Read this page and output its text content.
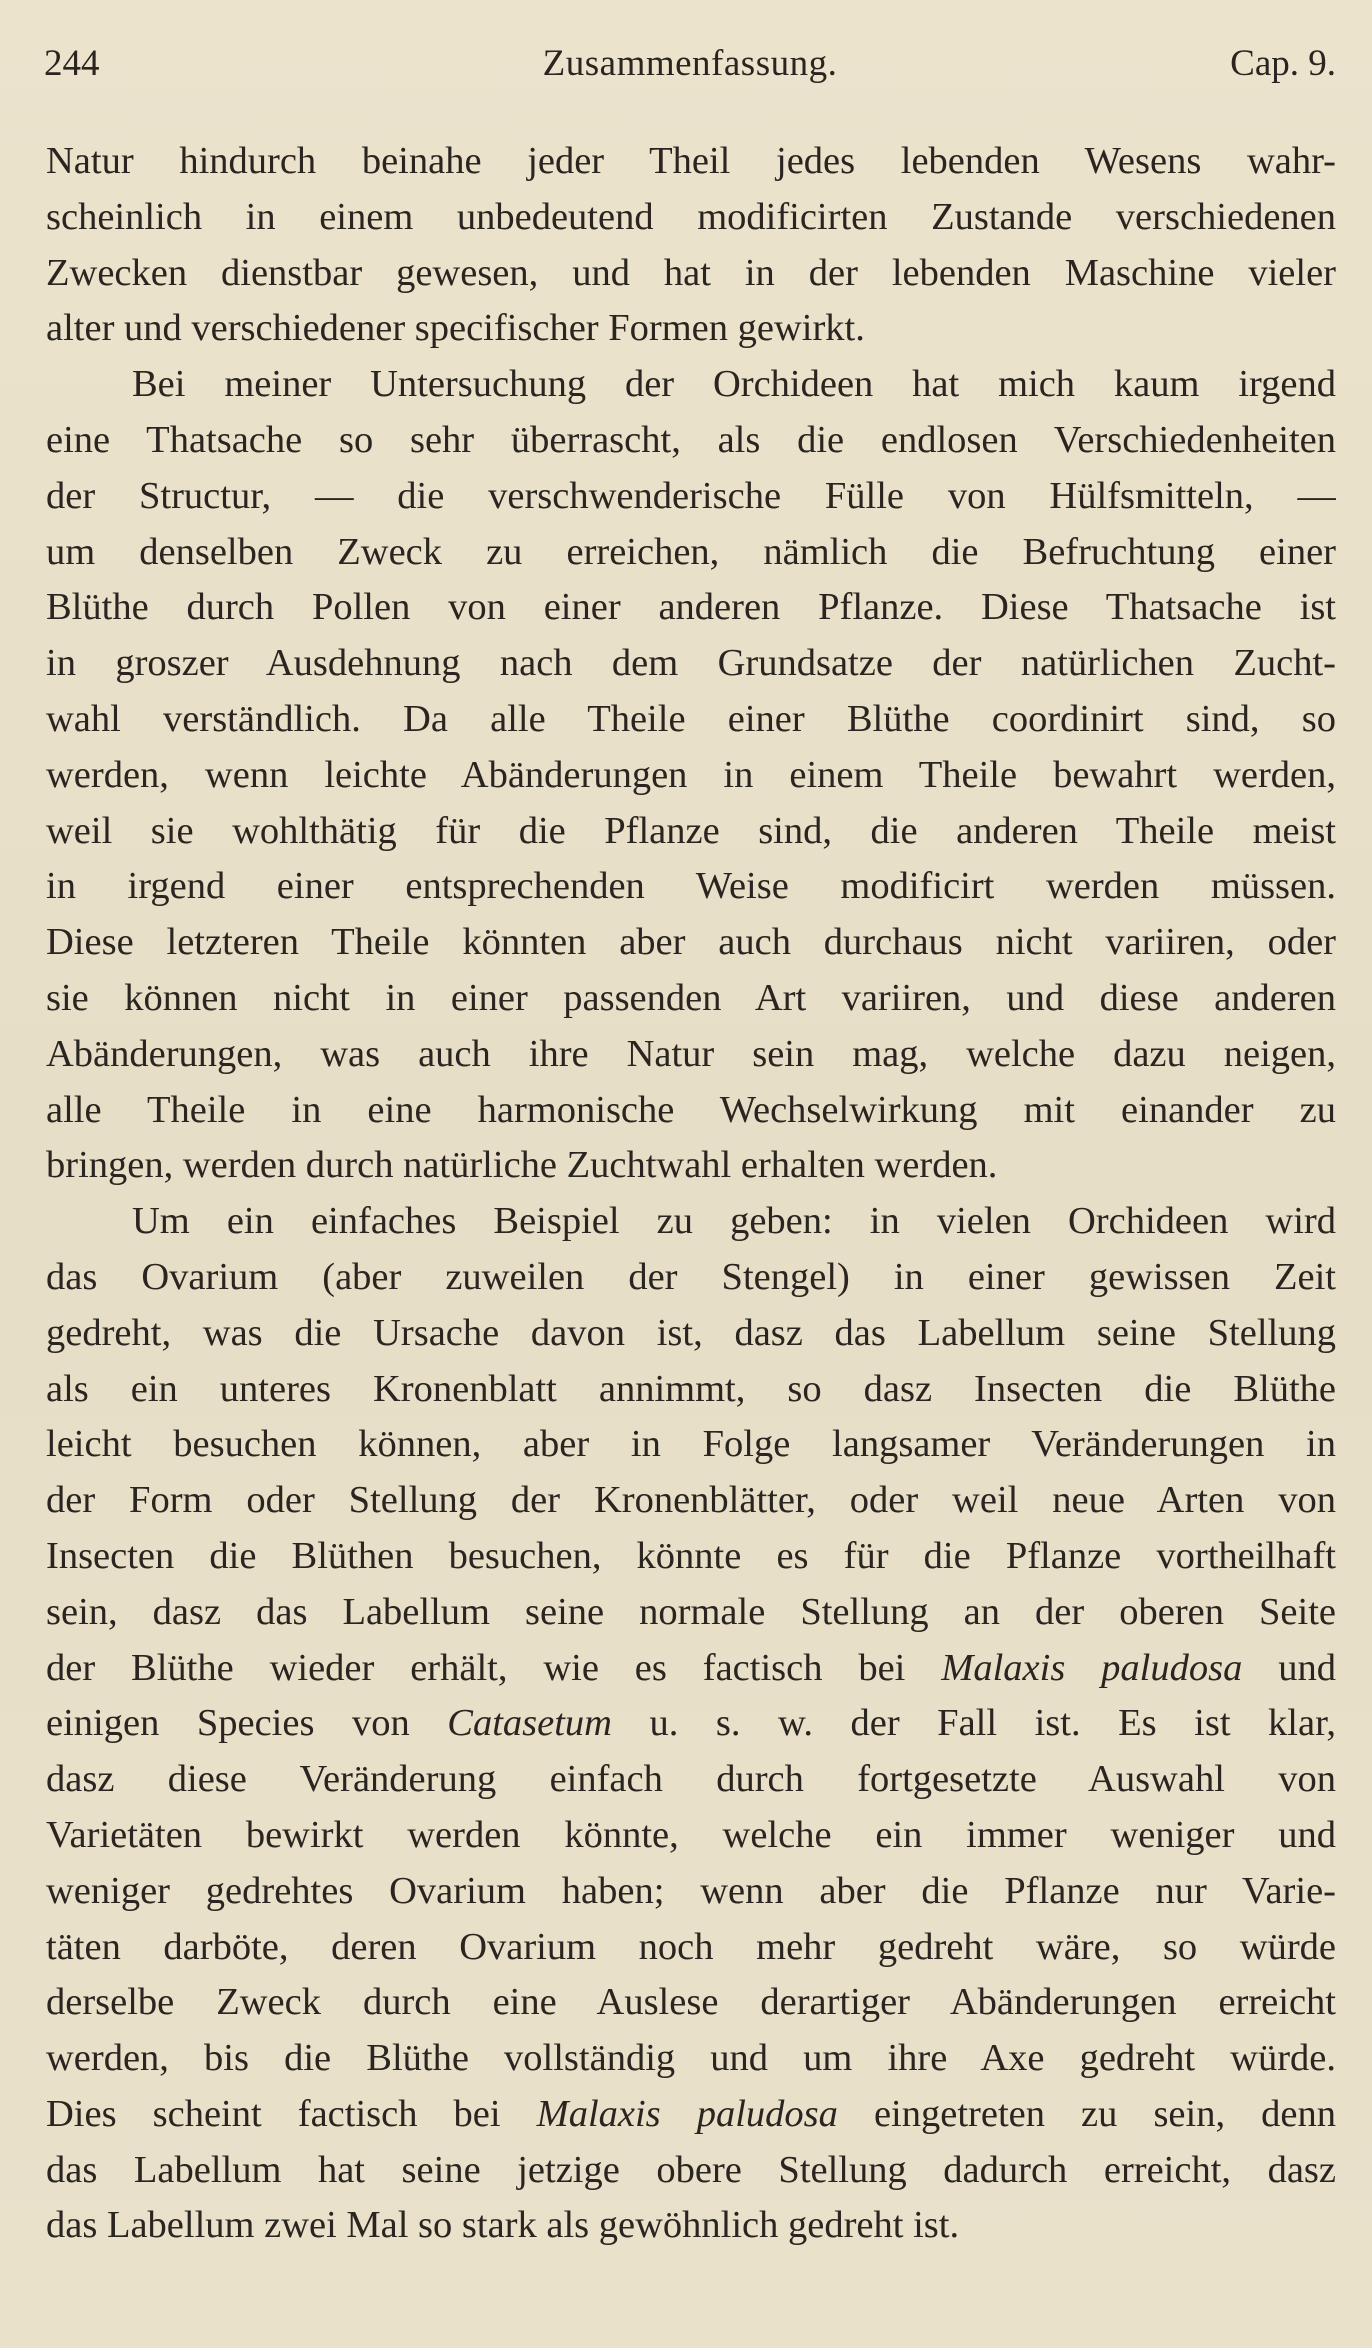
244	Zusammenfassung.	Cap. 9.
Natur hindurch beinahe jeder Theil jedes lebenden Wesens wahr-
scheinlich in einem unbedeutend modificirten Zustande verschiedenen
Zwecken dienstbar gewesen, und hat in der lebenden Maschine vieler
alter und verschiedener specifischer Formen gewirkt.
Bei meiner Untersuchung der Orchideen hat mich kaum irgend
eine Thatsache so sehr überrascht, als die endlosen Verschiedenheiten
der Structur, — die verschwenderische Fülle von Hülfsmitteln, —
um denselben Zweck zu erreichen, nämlich die Befruchtung einer
Blüthe durch Pollen von einer anderen Pflanze. Diese Thatsache ist
in groszer Ausdehnung nach dem Grundsatze der natürlichen Zucht-
wahl verständlich. Da alle Theile einer Blüthe coordinirt sind, so
werden, wenn leichte Abänderungen in einem Theile bewahrt werden,
weil sie wohlthätig für die Pflanze sind, die anderen Theile meist
in irgend einer entsprechenden Weise modificirt werden müssen.
Diese letzteren Theile könnten aber auch durchaus nicht variiren, oder
sie können nicht in einer passenden Art variiren, und diese anderen
Abänderungen, was auch ihre Natur sein mag, welche dazu neigen,
alle Theile in eine harmonische Wechselwirkung mit einander zu
bringen, werden durch natürliche Zuchtwahl erhalten werden.
Um ein einfaches Beispiel zu geben: in vielen Orchideen wird
das Ovarium (aber zuweilen der Stengel) in einer gewissen Zeit
gedreht, was die Ursache davon ist, dasz das Labellum seine Stellung
als ein unteres Kronenblatt annimmt, so dasz Insecten die Blüthe
leicht besuchen können, aber in Folge langsamer Veränderungen in
der Form oder Stellung der Kronenblätter, oder weil neue Arten von
Insecten die Blüthen besuchen, könnte es für die Pflanze vortheilhaft
sein, dasz das Labellum seine normale Stellung an der oberen Seite
der Blüthe wieder erhält, wie es factisch bei Malaxis paludosa und
einigen Species von Catasetum u. s. w. der Fall ist. Es ist klar,
dasz diese Veränderung einfach durch fortgesetzte Auswahl von
Varietäten bewirkt werden könnte, welche ein immer weniger und
weniger gedrehtes Ovarium haben; wenn aber die Pflanze nur Varie-
täten darböte, deren Ovarium noch mehr gedreht wäre, so würde
derselbe Zweck durch eine Auslese derartiger Abänderungen erreicht
werden, bis die Blüthe vollständig und um ihre Axe gedreht würde.
Dies scheint factisch bei Malaxis paludosa eingetreten zu sein, denn
das Labellum hat seine jetzige obere Stellung dadurch erreicht, dasz
das Labellum zwei Mal so stark als gewöhnlich gedreht ist.
